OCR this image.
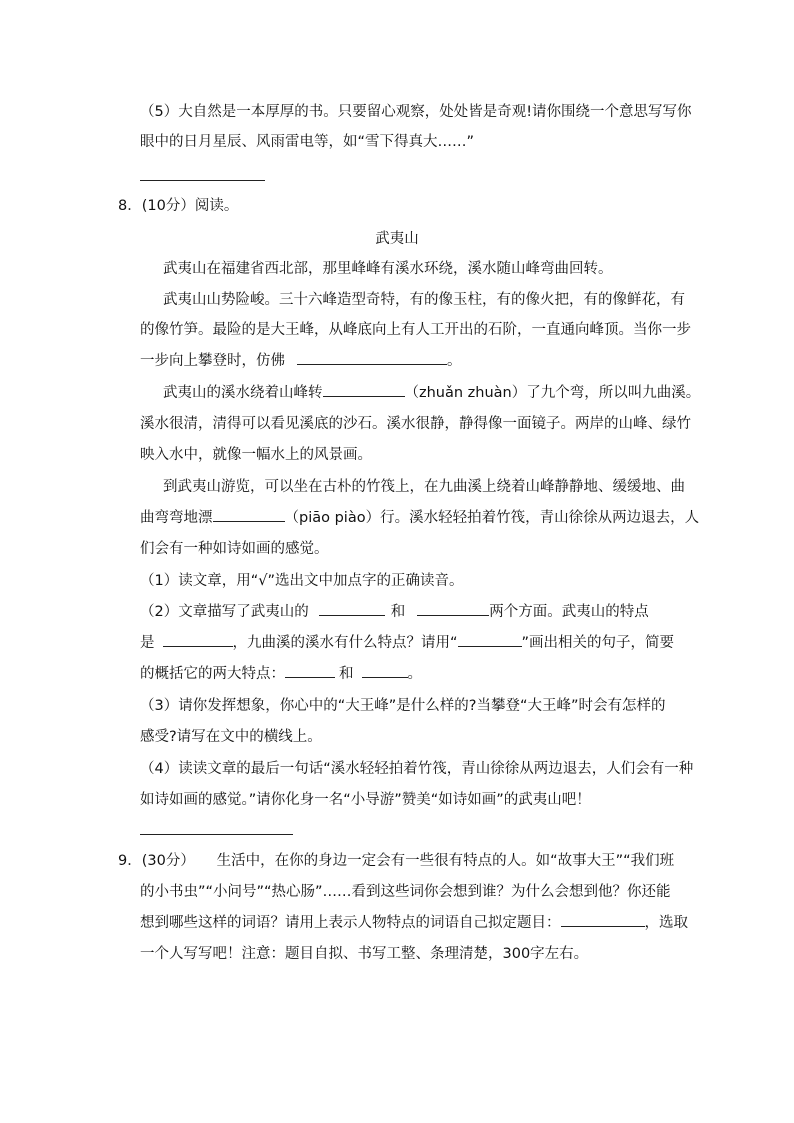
（5）大自然是一本厚厚的书。只要留心观察，处处皆是奇观!请你围绕一个意思写写你
眼中的日月星辰、风雨雷电等，如“雪下得真大……”
8．(10分）阅读。
武夷山
武夷山在福建省西北部，那里峰峰有溪水环绕，溪水随山峰弯曲回转。
武夷山山势险峻。三十六峰造型奇特，有的像玉柱，有的像火把，有的像鲜花，有
的像竹笋。最险的是大王峰，从峰底向上有人工开出的石阶，一直通向峰顶。当你一步
一步向上攀登时，仿佛	。
武夷山的溪水绕着山峰转	（zhuǎn zhuàn）了九个弯，所以叫九曲溪。
溪水很清，清得可以看见溪底的沙石。溪水很静，静得像一面镜子。两岸的山峰、绿竹
映入水中，就像一幅水上的风景画。
到武夷山游览，可以坐在古朴的竹筏上，在九曲溪上绕着山峰静静地、缓缓地、曲
曲弯弯地漂	（piāo piào）行。溪水轻轻拍着竹筏，青山徐徐从两边退去，人
们会有一种如诗如画的感觉。
（1）读文章，用“√”选出文中加点字的正确读音。
（2）文章描写了武夷山的	和	两个方面。武夷山的特点
是	，九曲溪的溪水有什么特点？请用“	”画出相关的句子，简要
的概括它的两大特点：	和	。
（3）请你发挥想象，你心中的“大王峰”是什么样的?当攀登“大王峰”时会有怎样的
感受?请写在文中的横线上。
（4）读读文章的最后一句话“溪水轻轻拍着竹筏，青山徐徐从两边退去，人们会有一种
如诗如画的感觉。”请你化身一名“小导游”赞美“如诗如画”的武夷山吧！
9．(30分）　　生活中，在你的身边一定会有一些很有特点的人。如“故事大王”“我们班
的小书虫”“小问号”“热心肠”……看到这些词你会想到谁？为什么会想到他？你还能
想到哪些这样的词语？请用上表示人物特点的词语自己拟定题目：	，选取
一个人写写吧！注意：题目自拟、书写工整、条理清楚，300字左右。
